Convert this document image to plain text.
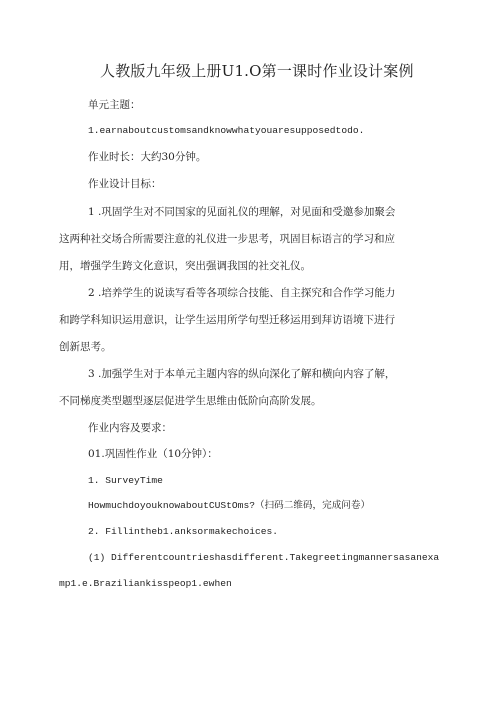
人教版九年级上册U1.O第一课时作业设计案例
单元主题：
1.earnaboutcustomsandknowwhatyouaresupposedtodo.
作业时长：大约30分钟。
作业设计目标：
1 .巩固学生对不同国家的见面礼仪的理解，对见面和受邀参加聚会
这两种社交场合所需要注意的礼仪进一步思考，巩固目标语言的学习和应
用，增强学生跨文化意识，突出强调我国的社交礼仪。
2 .培养学生的说读写看等各项综合技能、自主探究和合作学习能力
和跨学科知识运用意识，让学生运用所学句型迁移运用到拜访语境下进行
创新思考。
3 .加强学生对于本单元主题内容的纵向深化了解和横向内容了解，
不同梯度类型题型逐层促进学生思维由低阶向高阶发展。
作业内容及要求：
01.巩固性作业（10分钟）：
1. SurveyTime
HowmuchdoyouknowaboutCUStOms?（扫码二维码，完成问卷）
2. Fillintheb1.anksormakechoices.
(1) Differentcountrieshasdifferent.Takegreetingmannersasanexa
mp1.e.Braziliankisspeop1.ewhen
